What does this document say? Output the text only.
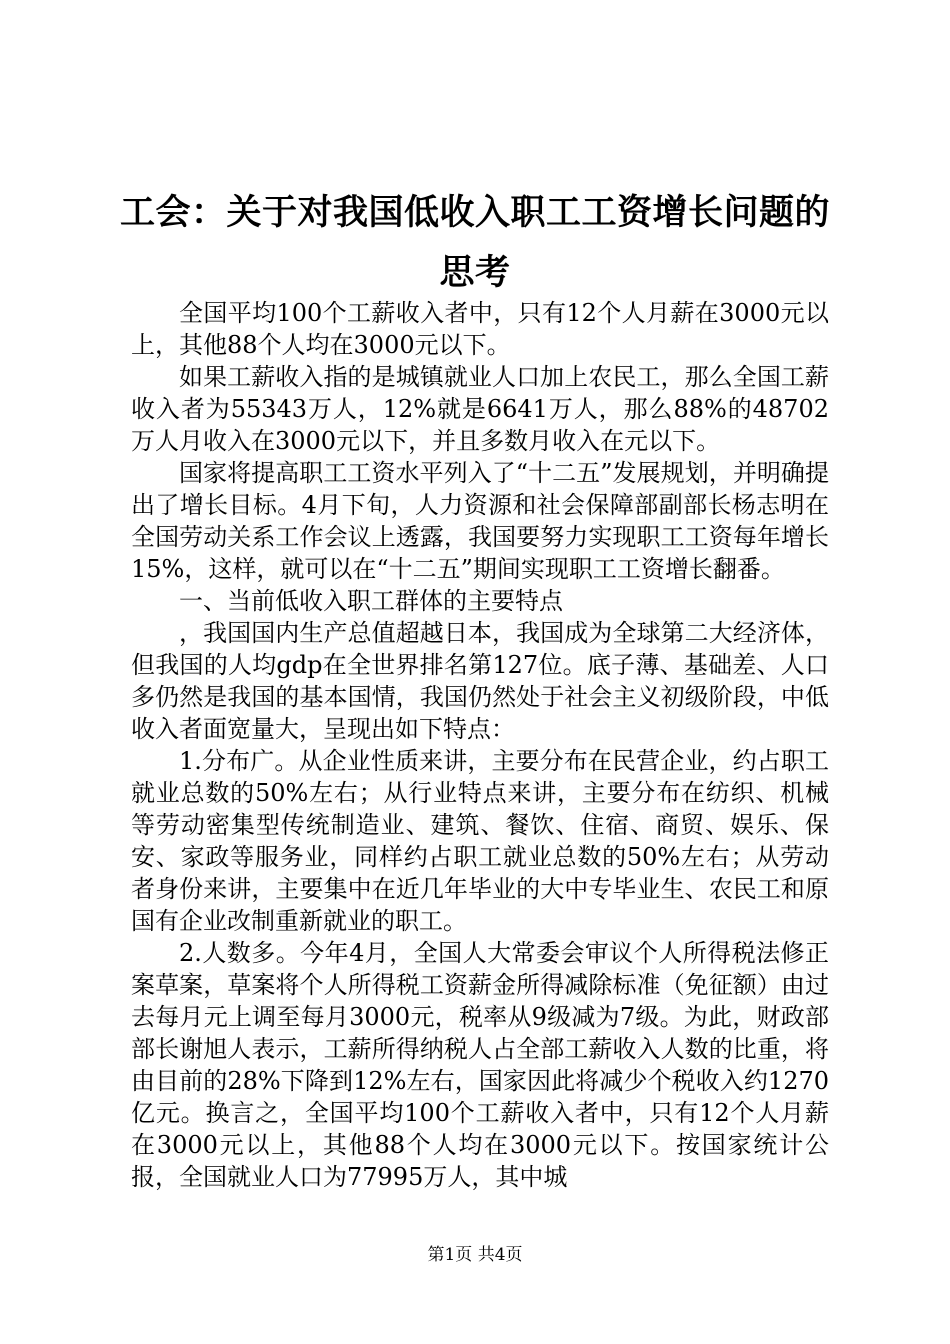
工会：关于对我国低收入职工工资增长问题的思考

全国平均100个工薪收入者中，只有12个人月薪在3000元以上，其他88个人均在3000元以下。

如果工薪收入指的是城镇就业人口加上农民工，那么全国工薪收入者为55343万人，12%就是6641万人，那么88%的48702万人月收入在3000元以下，并且多数月收入在元以下。

国家将提高职工工资水平列入了“十二五”发展规划，并明确提出了增长目标。4月下旬，人力资源和社会保障部副部长杨志明在全国劳动关系工作会议上透露，我国要努力实现职工工资每年增长15%，这样，就可以在“十二五”期间实现职工工资增长翻番。

一、当前低收入职工群体的主要特点

，我国国内生产总值超越日本，我国成为全球第二大经济体，但我国的人均gdp在全世界排名第127位。底子薄、基础差、人口多仍然是我国的基本国情，我国仍然处于社会主义初级阶段，中低收入者面宽量大，呈现出如下特点：

1.分布广。从企业性质来讲，主要分布在民营企业，约占职工就业总数的50%左右；从行业特点来讲，主要分布在纺织、机械等劳动密集型传统制造业、建筑、餐饮、住宿、商贸、娱乐、保安、家政等服务业，同样约占职工就业总数的50%左右；从劳动者身份来讲，主要集中在近几年毕业的大中专毕业生、农民工和原国有企业改制重新就业的职工。

2.人数多。今年4月，全国人大常委会审议个人所得税法修正案草案，草案将个人所得税工资薪金所得减除标准（免征额）由过去每月元上调至每月3000元，税率从9级减为7级。为此，财政部部长谢旭人表示，工薪所得纳税人占全部工薪收入人数的比重，将由目前的28%下降到12%左右，国家因此将减少个税收入约1270亿元。换言之，全国平均100个工薪收入者中，只有12个人月薪在3000元以上，其他88个人均在3000元以下。按国家统计公报，全国就业人口为77995万人，其中城

第1页 共4页
